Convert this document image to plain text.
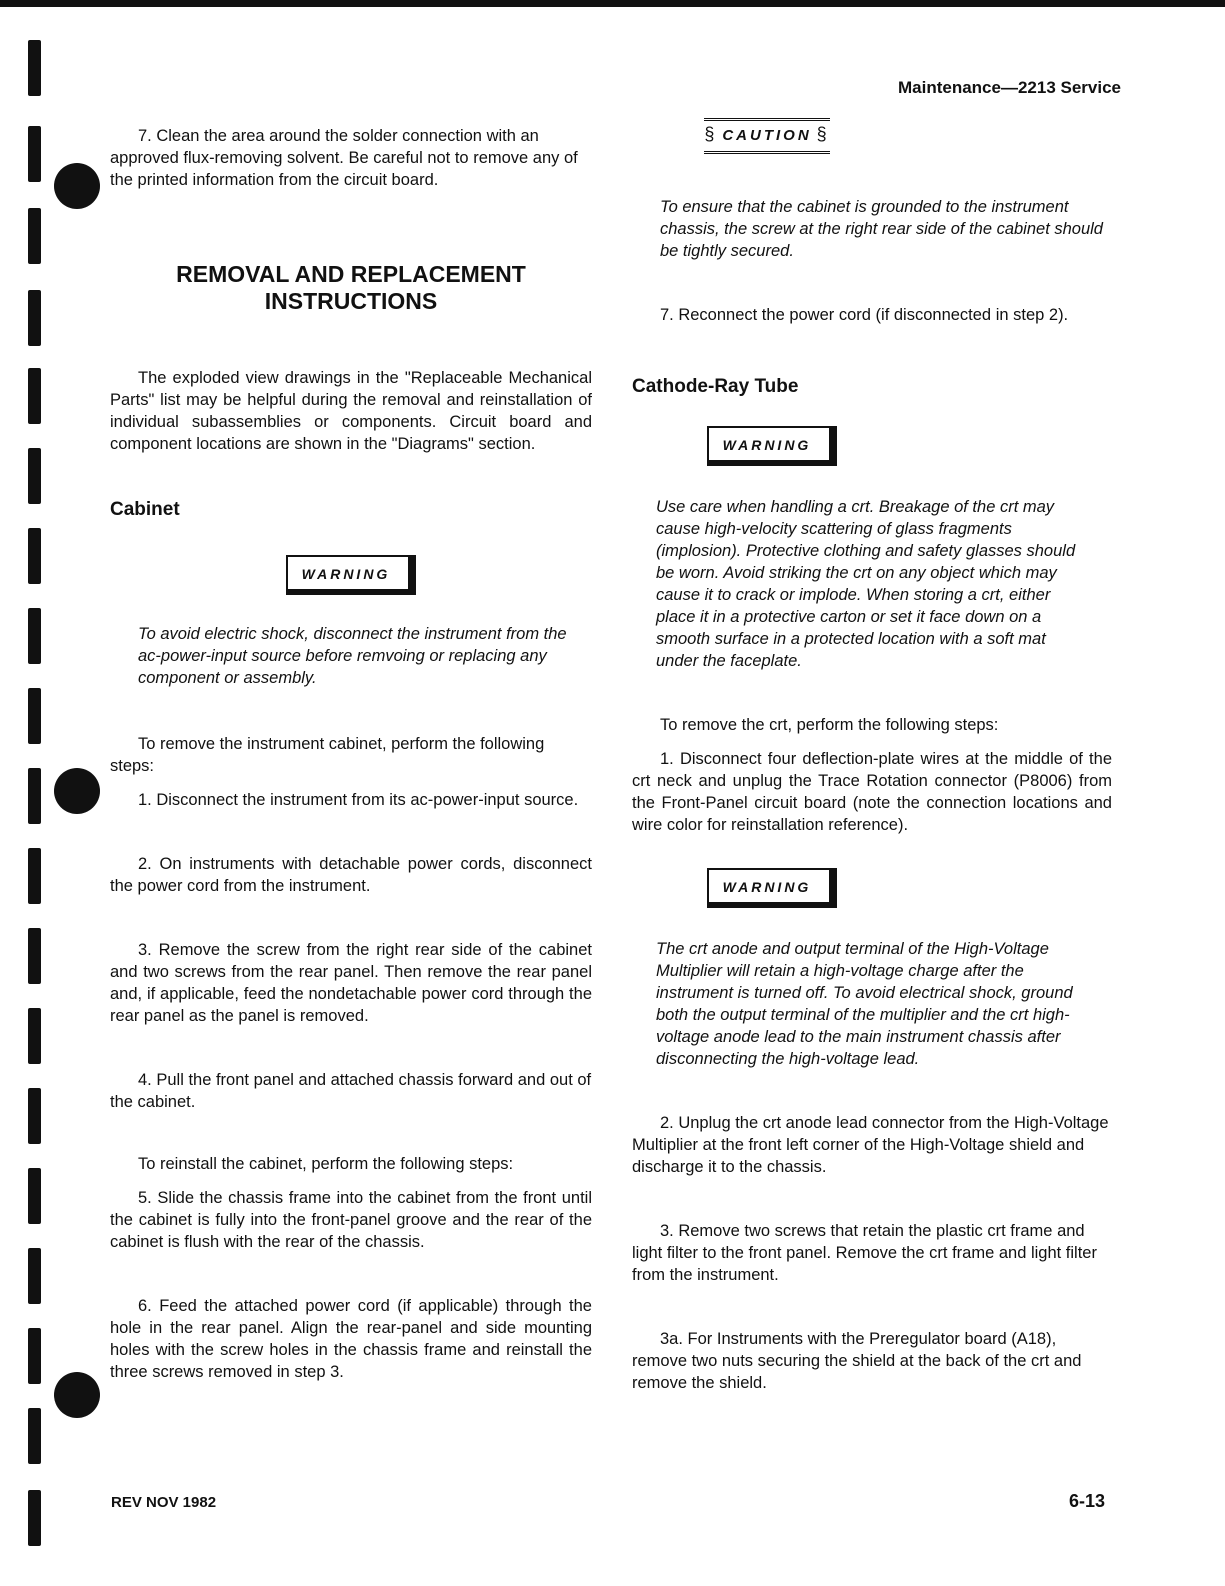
Maintenance—2213 Service

7. Clean the area around the solder connection with an approved flux-removing solvent. Be careful not to remove any of the printed information from the circuit board.

REMOVAL AND REPLACEMENT
INSTRUCTIONS

The exploded view drawings in the "Replaceable Mechanical Parts" list may be helpful during the removal and reinstallation of individual subassemblies or components. Circuit board and component locations are shown in the "Diagrams" section.

Cabinet
WARNING

To avoid electric shock, disconnect the instrument from the ac-power-input source before remvoing or replacing any component or assembly.

To remove the instrument cabinet, perform the following steps:

1. Disconnect the instrument from its ac-power-input source.

2. On instruments with detachable power cords, disconnect the power cord from the instrument.

3. Remove the screw from the right rear side of the cabinet and two screws from the rear panel. Then remove the rear panel and, if applicable, feed the nondetachable power cord through the rear panel as the panel is removed.

4. Pull the front panel and attached chassis forward and out of the cabinet.

To reinstall the cabinet, perform the following steps:

5. Slide the chassis frame into the cabinet from the front until the cabinet is fully into the front-panel groove and the rear of the cabinet is flush with the rear of the chassis.

6. Feed the attached power cord (if applicable) through the hole in the rear panel. Align the rear-panel and side mounting holes with the screw holes in the chassis frame and reinstall the three screws removed in step 3.

§ CAUTION §

To ensure that the cabinet is grounded to the instrument chassis, the screw at the right rear side of the cabinet should be tightly secured.

7. Reconnect the power cord (if disconnected in step 2).

Cathode-Ray Tube
WARNING

Use care when handling a crt. Breakage of the crt may cause high-velocity scattering of glass fragments (implosion). Protective clothing and safety glasses should be worn. Avoid striking the crt on any object which may cause it to crack or implode. When storing a crt, either place it in a protective carton or set it face down on a smooth surface in a protected location with a soft mat under the faceplate.

To remove the crt, perform the following steps:

1. Disconnect four deflection-plate wires at the middle of the crt neck and unplug the Trace Rotation connector (P8006) from the Front-Panel circuit board (note the connection locations and wire color for reinstallation reference).

WARNING

The crt anode and output terminal of the High-Voltage Multiplier will retain a high-voltage charge after the instrument is turned off. To avoid electrical shock, ground both the output terminal of the multiplier and the crt high-voltage anode lead to the main instrument chassis after disconnecting the high-voltage lead.

2. Unplug the crt anode lead connector from the High-Voltage Multiplier at the front left corner of the High-Voltage shield and discharge it to the chassis.

3. Remove two screws that retain the plastic crt frame and light filter to the front panel. Remove the crt frame and light filter from the instrument.

3a. For Instruments with the Preregulator board (A18), remove two nuts securing the shield at the back of the crt and remove the shield.

REV NOV 1982	6-13
